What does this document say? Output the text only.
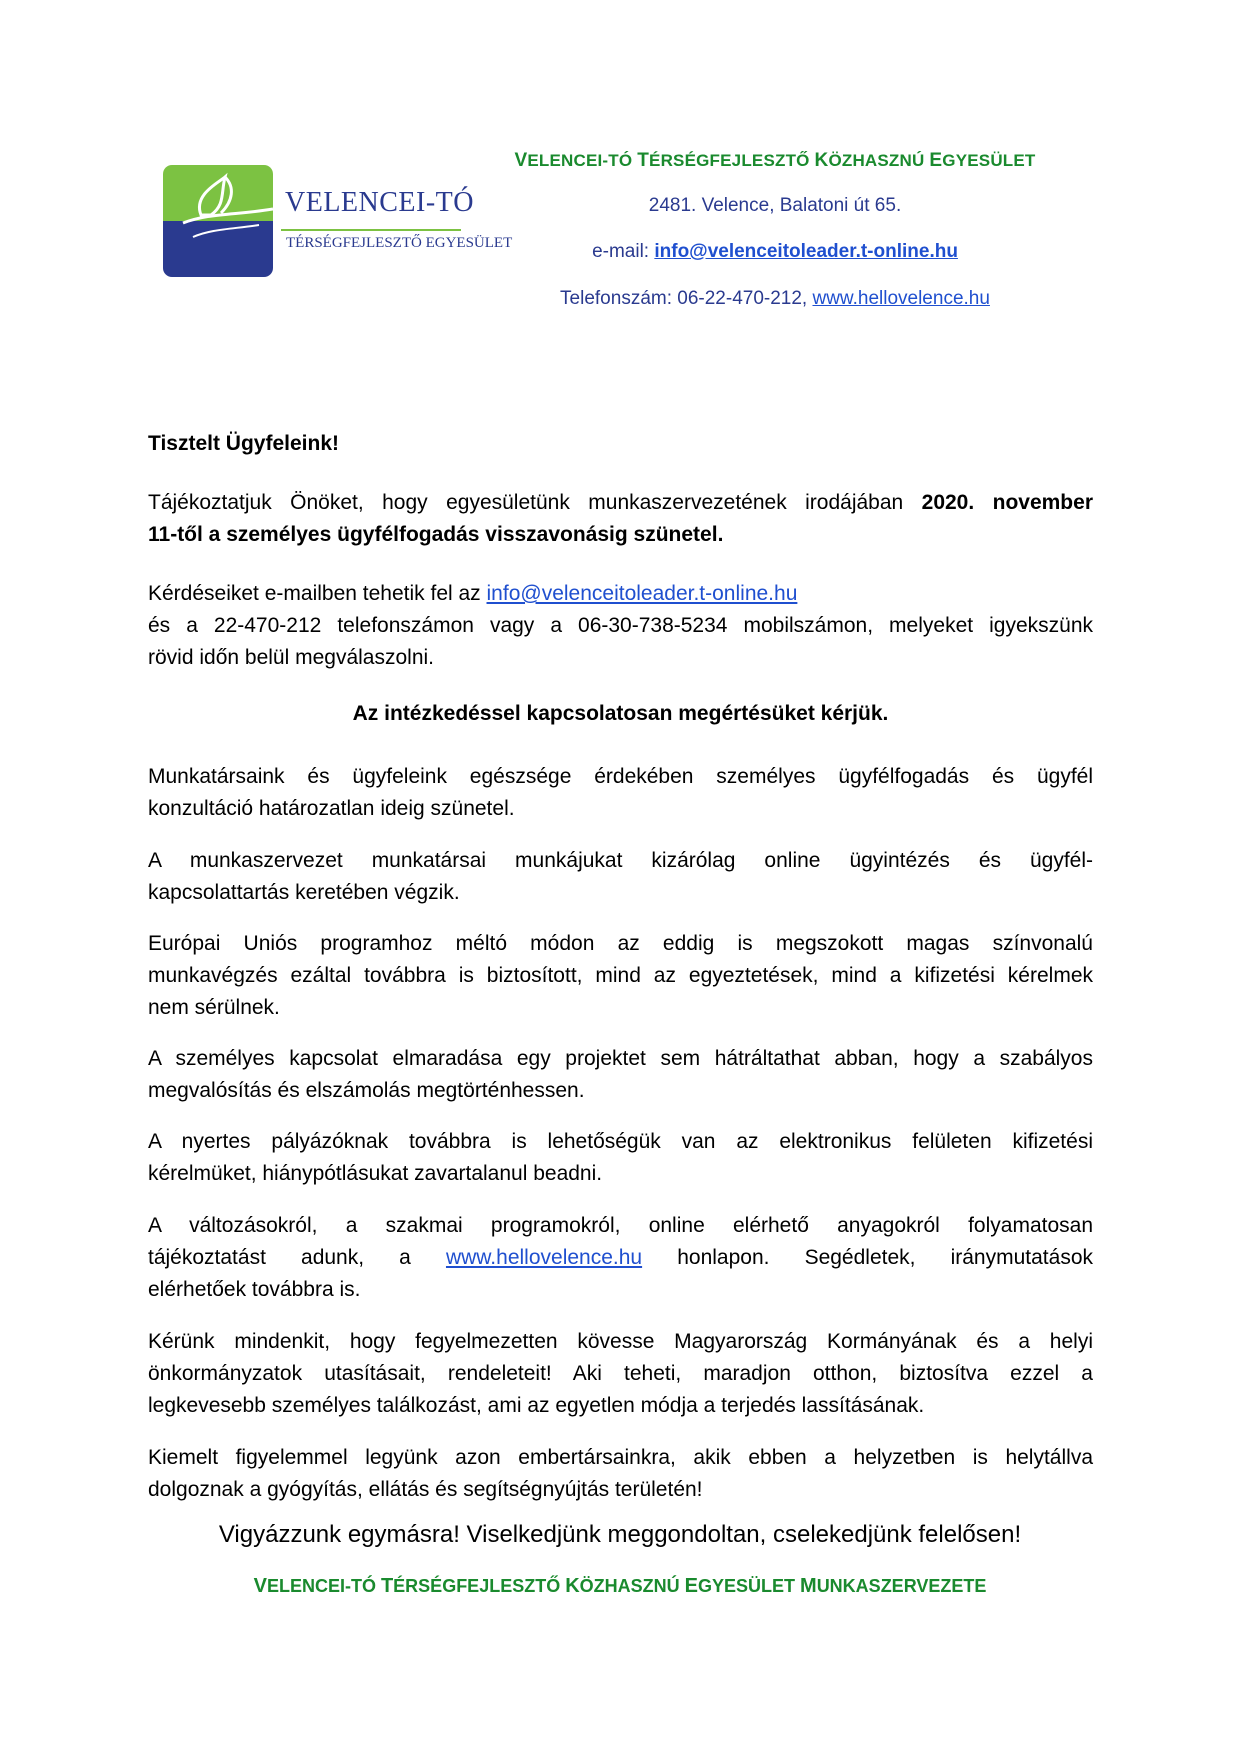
VELENCEI-TÓ
TÉRSÉGFEJLESZTŐ EGYESÜLET
VELENCEI-TÓ TÉRSÉGFEJLESZTŐ KÖZHASZNÚ EGYESÜLET
2481. Velence, Balatoni út 65.
e-mail: info@velenceitoleader.t-online.hu
Telefonszám: 06-22-470-212, www.hellovelence.hu
Tisztelt Ügyfeleink!

Tájékoztatjuk Önöket, hogy egyesületünk munkaszervezetének irodájában 2020. november

11-től a személyes ügyfélfogadás visszavonásig szünetel.

Kérdéseiket e-mailben tehetik fel az info@velenceitoleader.t-online.hu

és a 22-470-212 telefonszámon vagy a 06-30-738-5234 mobilszámon, melyeket igyekszünk

rövid időn belül megválaszolni.

Az intézkedéssel kapcsolatosan megértésüket kérjük.

Munkatársaink és ügyfeleink egészsége érdekében személyes ügyfélfogadás és ügyfél

konzultáció határozatlan ideig szünetel.

A munkaszervezet munkatársai munkájukat kizárólag online ügyintézés és ügyfél-

kapcsolattartás keretében végzik.

Európai Uniós programhoz méltó módon az eddig is megszokott magas színvonalú

munkavégzés ezáltal továbbra is biztosított, mind az egyeztetések, mind a kifizetési kérelmek

nem sérülnek.

A személyes kapcsolat elmaradása egy projektet sem hátráltathat abban, hogy a szabályos

megvalósítás és elszámolás megtörténhessen.

A nyertes pályázóknak továbbra is lehetőségük van az elektronikus felületen kifizetési

kérelmüket, hiánypótlásukat zavartalanul beadni.

A változásokról, a szakmai programokról, online elérhető anyagokról folyamatosan

tájékoztatást adunk, a www.hellovelence.hu honlapon. Segédletek, iránymutatások

elérhetőek továbbra is.

Kérünk mindenkit, hogy fegyelmezetten kövesse Magyarország Kormányának és a helyi

önkormányzatok utasításait, rendeleteit! Aki teheti, maradjon otthon, biztosítva ezzel a

legkevesebb személyes találkozást, ami az egyetlen módja a terjedés lassításának.

Kiemelt figyelemmel legyünk azon embertársainkra, akik ebben a helyzetben is helytállva

dolgoznak a gyógyítás, ellátás és segítségnyújtás területén!

Vigyázzunk egymásra! Viselkedjünk meggondoltan, cselekedjünk felelősen!
VELENCEI-TÓ TÉRSÉGFEJLESZTŐ KÖZHASZNÚ EGYESÜLET MUNKASZERVEZETE
